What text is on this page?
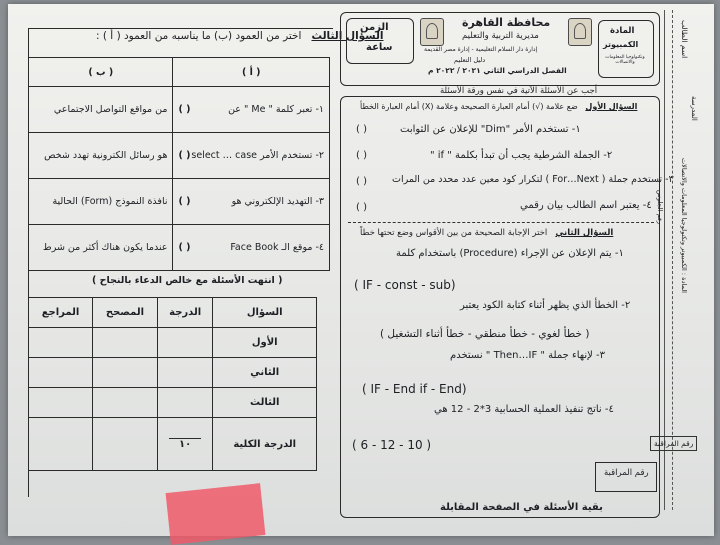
السؤال الثالث   اختر من العمود (ب) ما يناسبه من العمود ( أ ) :
( أ )	( ب )

١- تعبر كلمة " Me " عن
( )	من مواقع التواصل الاجتماعي

٢- تستخدم الأمر select … case
( )	هو رسائل الكترونية تهدد شخص

٣- التهديد الإلكتروني هو
( )	نافذة النموذج (Form) الحالية

٤- موقع الـ Face Book
( )	عندما يكون هناك أكثر من شرط
( انتهت الأسئلة مع خالص الدعاء بالنجاح )
السؤال	الدرجة	المصحح	المراجع
الأول			
الثاني			
الثالث			
الدرجة الكلية	١٠		
الزمن
ساعة
محافظة القاهرة
مديرية التربية والتعليم
إدارة دار السلام التعليمية - إدارة مصر القديمة
دليل التعليم
الفصل الدراسي الثاني ٢٠٢١ / ٢٠٢٢ م
المادة
الكمبيوتر
وتكنولوجيا المعلومات والاتصالات
أجب عن الأسئلة الآتية في نفس ورقة الأسئلة
السؤال الأول   ضع علامة (√) أمام العبارة الصحيحة وعلامة (X) أمام العبارة الخطأ
١- تستخدم الأمر "Dim" للإعلان عن الثوابت
( )
٢- الجملة الشرطية يجب أن تبدأ بكلمة " if "
( )
٣- تستخدم جملة ( For…Next ) لتكرار كود معين عدد محدد من المرات
( )
٤- يعتبر اسم الطالب بيان رقمي
( )
السؤال الثاني   اختر الإجابة الصحيحة من بين الأقواس وضع تحتها خطاً
١- يتم الإعلان عن الإجراء (Procedure) باستخدام كلمة
( IF - const - sub)
٢- الخطأ الذي يظهر أثناء كتابة الكود يعتبر
( خطأ لغوي - خطأ منطقي - خطأ أثناء التشغيل )
٣- لإنهاء جملة " Then…IF " نستخدم
( IF - End if - End)
٤- ناتج تنفيذ العملية الحسابية 3*2 - 12 هي
( 6 - 12 - 10 )
رقم المراقبة
بقية الأسئلة في الصفحة المقابلة
اسم الطالب
المادة : الكمبيوتر وتكنولوجيا المعلومات والاتصالات
رقم الجلوس
المدرسة
رقم المراقبة
